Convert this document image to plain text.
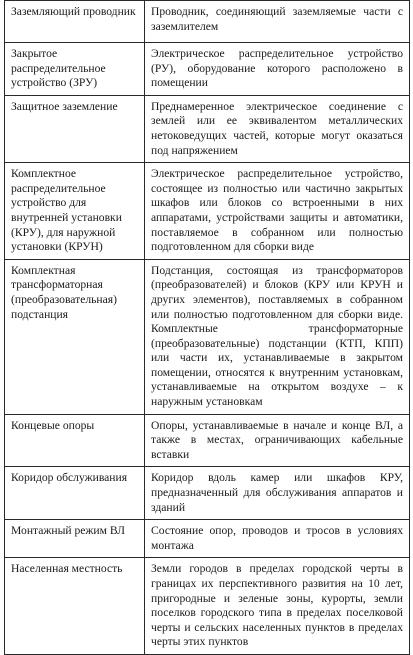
Заземляющий проводник	Проводник, соединяющий заземляемые части с заземлителем
Закрытое распределительное устройство (ЗРУ)	Электрическое распределительное устройство (РУ), оборудование которого расположено в помещении
Защитное заземление	Преднамеренное электрическое соединение с землей или ее эквивалентом металлических нетоковедущих частей, которые могут оказаться под напряжением
Комплектное распределительное устройство для внутренней установки (КРУ), для наружной установки (КРУН)	Электрическое распределительное устройство, состоящее из полностью или частично закрытых шкафов или блоков со встроенными в них аппаратами, устройствами защиты и автоматики, поставляемое в собранном или полностью подготовленном для сборки виде
Комплектная трансформаторная (преобразовательная) подстанция	Подстанция, состоящая из трансформаторов (преобразователей) и блоков (КРУ или КРУН и других элементов), поставляемых в собранном или полностью подготовленном для сборки виде. Комплектные трансформаторные (преобразовательные) подстанции (КТП, КПП) или части их, устанавливаемые в закрытом помещении, относятся к внутренним установкам, устанавливаемые на открытом воздухе – к наружным установкам
Концевые опоры	Опоры, устанавливаемые в начале и конце ВЛ, а также в местах, ограничивающих кабельные вставки
Коридор обслуживания	Коридор вдоль камер или шкафов КРУ, предназначенный для обслуживания аппаратов и зданий
Монтажный режим ВЛ	Состояние опор, проводов и тросов в условиях монтажа
Населенная местность	Земли городов в пределах городской черты в границах их перспективного развития на 10 лет, пригородные и зеленые зоны, курорты, земли поселков городского типа в пределах поселковой черты и сельских населенных пунктов в пределах черты этих пунктов
